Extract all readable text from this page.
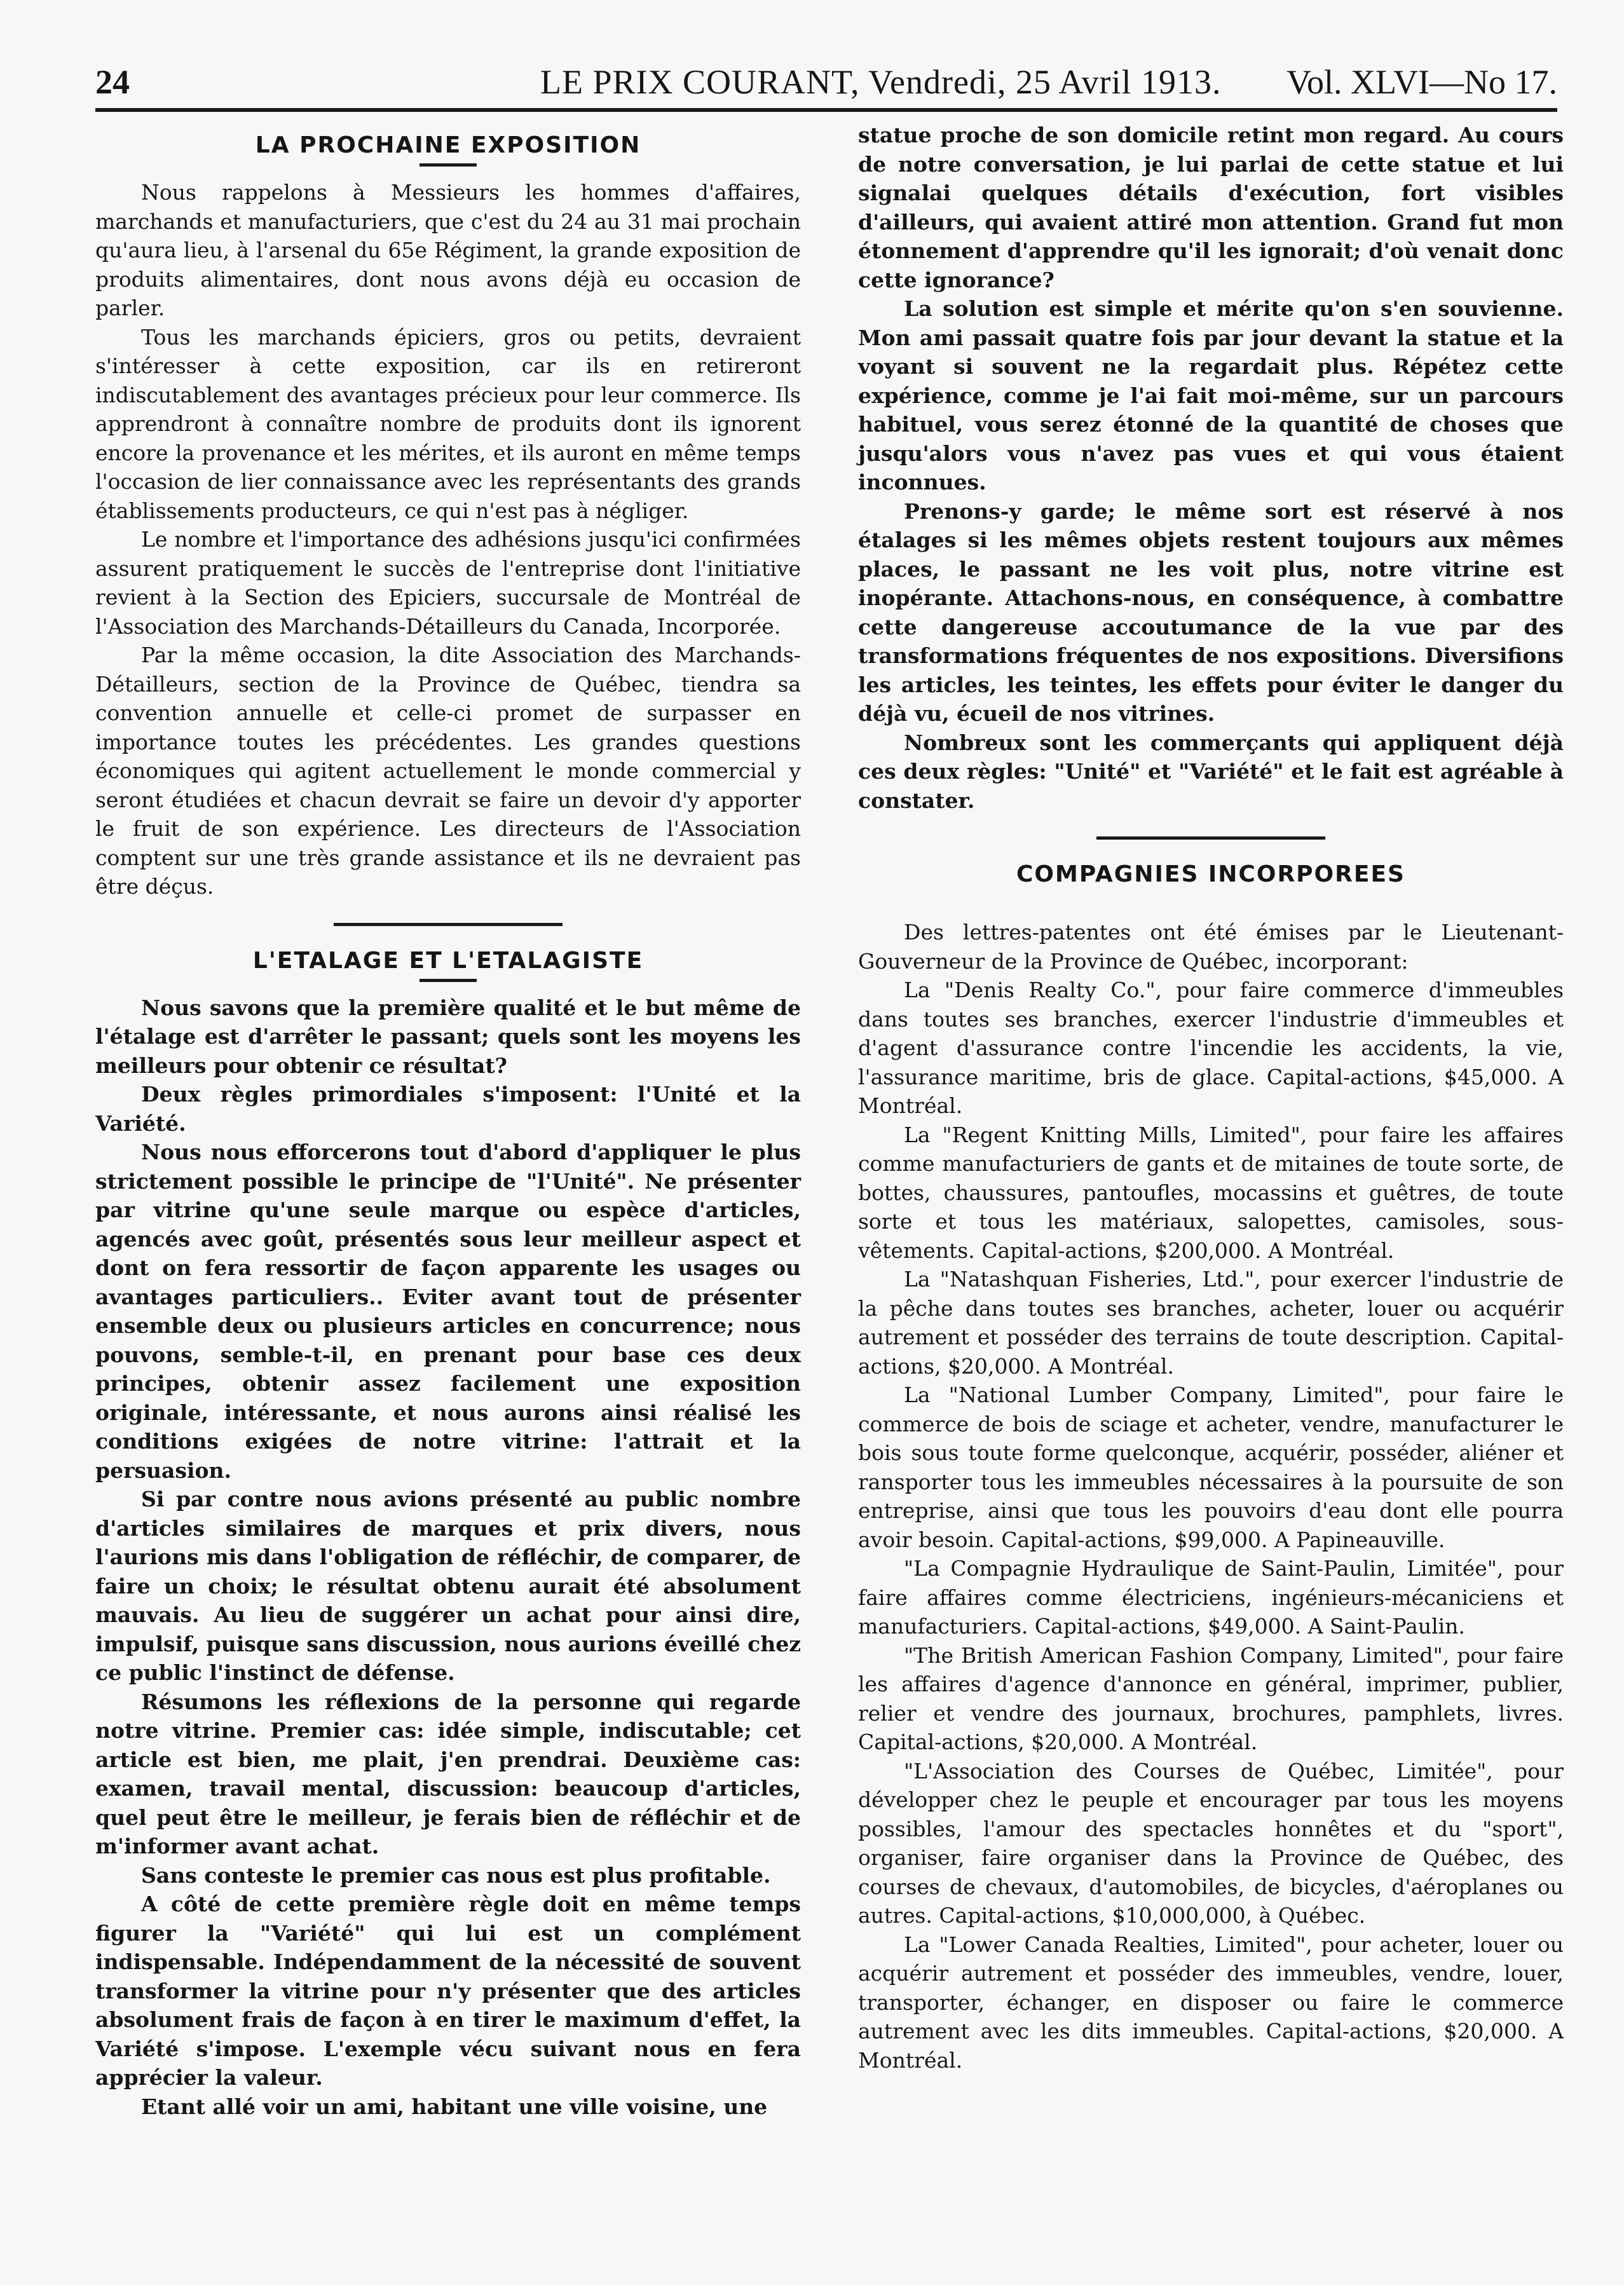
24	LE PRIX COURANT, Vendredi, 25 Avril 1913. Vol. XLVI—No 17.
LA PROCHAINE EXPOSITION

Nous rappelons à Messieurs les hommes d'affaires, marchands et manufacturiers, que c'est du 24 au 31 mai prochain qu'aura lieu, à l'arsenal du 65e Régiment, la grande exposition de produits alimentaires, dont nous avons déjà eu occasion de parler.

Tous les marchands épiciers, gros ou petits, devraient s'intéresser à cette exposition, car ils en retireront indiscutablement des avantages précieux pour leur commerce. Ils apprendront à connaître nombre de produits dont ils ignorent encore la provenance et les mérites, et ils auront en même temps l'occasion de lier connaissance avec les représentants des grands établissements producteurs, ce qui n'est pas à négliger.

Le nombre et l'importance des adhésions jusqu'ici confirmées assurent pratiquement le succès de l'entreprise dont l'initiative revient à la Section des Epiciers, succursale de Montréal de l'Association des Marchands-Détailleurs du Canada, Incorporée.

Par la même occasion, la dite Association des Marchands-Détailleurs, section de la Province de Québec, tiendra sa convention annuelle et celle-ci promet de surpasser en importance toutes les précédentes. Les grandes questions économiques qui agitent actuellement le monde commercial y seront étudiées et chacun devrait se faire un devoir d'y apporter le fruit de son expérience. Les directeurs de l'Association comptent sur une très grande assistance et ils ne devraient pas être déçus.

L'ETALAGE ET L'ETALAGISTE

Nous savons que la première qualité et le but même de l'étalage est d'arrêter le passant; quels sont les moyens les meilleurs pour obtenir ce résultat?

Deux règles primordiales s'imposent: l'Unité et la Variété.

Nous nous efforcerons tout d'abord d'appliquer le plus strictement possible le principe de "l'Unité". Ne présenter par vitrine qu'une seule marque ou espèce d'articles, agencés avec goût, présentés sous leur meilleur aspect et dont on fera ressortir de façon apparente les usages ou avantages particuliers.. Eviter avant tout de présenter ensemble deux ou plusieurs articles en concurrence; nous pouvons, semble-t-il, en prenant pour base ces deux principes, obtenir assez facilement une exposition originale, intéressante, et nous aurons ainsi réalisé les conditions exigées de notre vitrine: l'attrait et la persuasion.

Si par contre nous avions présenté au public nombre d'articles similaires de marques et prix divers, nous l'aurions mis dans l'obligation de réfléchir, de comparer, de faire un choix; le résultat obtenu aurait été absolument mauvais. Au lieu de suggérer un achat pour ainsi dire, impulsif, puisque sans discussion, nous aurions éveillé chez ce public l'instinct de défense.

Résumons les réflexions de la personne qui regarde notre vitrine. Premier cas: idée simple, indiscutable; cet article est bien, me plait, j'en prendrai. Deuxième cas: examen, travail mental, discussion: beaucoup d'articles, quel peut être le meilleur, je ferais bien de réfléchir et de m'informer avant achat.

Sans conteste le premier cas nous est plus profitable.

A côté de cette première règle doit en même temps figurer la "Variété" qui lui est un complément indispensable. Indépendamment de la nécessité de souvent transformer la vitrine pour n'y présenter que des articles absolument frais de façon à en tirer le maximum d'effet, la Variété s'impose. L'exemple vécu suivant nous en fera apprécier la valeur.

Etant allé voir un ami, habitant une ville voisine, une

statue proche de son domicile retint mon regard. Au cours de notre conversation, je lui parlai de cette statue et lui signalai quelques détails d'exécution, fort visibles d'ailleurs, qui avaient attiré mon attention. Grand fut mon étonnement d'apprendre qu'il les ignorait; d'où venait donc cette ignorance?

La solution est simple et mérite qu'on s'en souvienne. Mon ami passait quatre fois par jour devant la statue et la voyant si souvent ne la regardait plus. Répétez cette expérience, comme je l'ai fait moi-même, sur un parcours habituel, vous serez étonné de la quantité de choses que jusqu'alors vous n'avez pas vues et qui vous étaient inconnues.

Prenons-y garde; le même sort est réservé à nos étalages si les mêmes objets restent toujours aux mêmes places, le passant ne les voit plus, notre vitrine est inopérante. Attachons-nous, en conséquence, à combattre cette dangereuse accoutumance de la vue par des transformations fréquentes de nos expositions. Diversifions les articles, les teintes, les effets pour éviter le danger du déjà vu, écueil de nos vitrines.

Nombreux sont les commerçants qui appliquent déjà ces deux règles: "Unité" et "Variété" et le fait est agréable à constater.

COMPAGNIES INCORPOREES

Des lettres-patentes ont été émises par le Lieutenant-Gouverneur de la Province de Québec, incorporant:

La "Denis Realty Co.", pour faire commerce d'immeubles dans toutes ses branches, exercer l'industrie d'immeubles et d'agent d'assurance contre l'incendie les accidents, la vie, l'assurance maritime, bris de glace. Capital-actions, $45,000. A Montréal.

La "Regent Knitting Mills, Limited", pour faire les affaires comme manufacturiers de gants et de mitaines de toute sorte, de bottes, chaussures, pantoufles, mocassins et guêtres, de toute sorte et tous les matériaux, salopettes, camisoles, sous-vêtements. Capital-actions, $200,000. A Montréal.

La "Natashquan Fisheries, Ltd.", pour exercer l'industrie de la pêche dans toutes ses branches, acheter, louer ou acquérir autrement et posséder des terrains de toute description. Capital-actions, $20,000. A Montréal.

La "National Lumber Company, Limited", pour faire le commerce de bois de sciage et acheter, vendre, manufacturer le bois sous toute forme quelconque, acquérir, posséder, aliéner et ransporter tous les immeubles nécessaires à la poursuite de son entreprise, ainsi que tous les pouvoirs d'eau dont elle pourra avoir besoin. Capital-actions, $99,000. A Papineauville.

"La Compagnie Hydraulique de Saint-Paulin, Limitée", pour faire affaires comme électriciens, ingénieurs-mécaniciens et manufacturiers. Capital-actions, $49,000. A Saint-Paulin.

"The British American Fashion Company, Limited", pour faire les affaires d'agence d'annonce en général, imprimer, publier, relier et vendre des journaux, brochures, pamphlets, livres. Capital-actions, $20,000. A Montréal.

"L'Association des Courses de Québec, Limitée", pour développer chez le peuple et encourager par tous les moyens possibles, l'amour des spectacles honnêtes et du "sport", organiser, faire organiser dans la Province de Québec, des courses de chevaux, d'automobiles, de bicycles, d'aéroplanes ou autres. Capital-actions, $10,000,000, à Québec.

La "Lower Canada Realties, Limited", pour acheter, louer ou acquérir autrement et posséder des immeubles, vendre, louer, transporter, échanger, en disposer ou faire le commerce autrement avec les dits immeubles. Capital-actions, $20,000. A Montréal.
